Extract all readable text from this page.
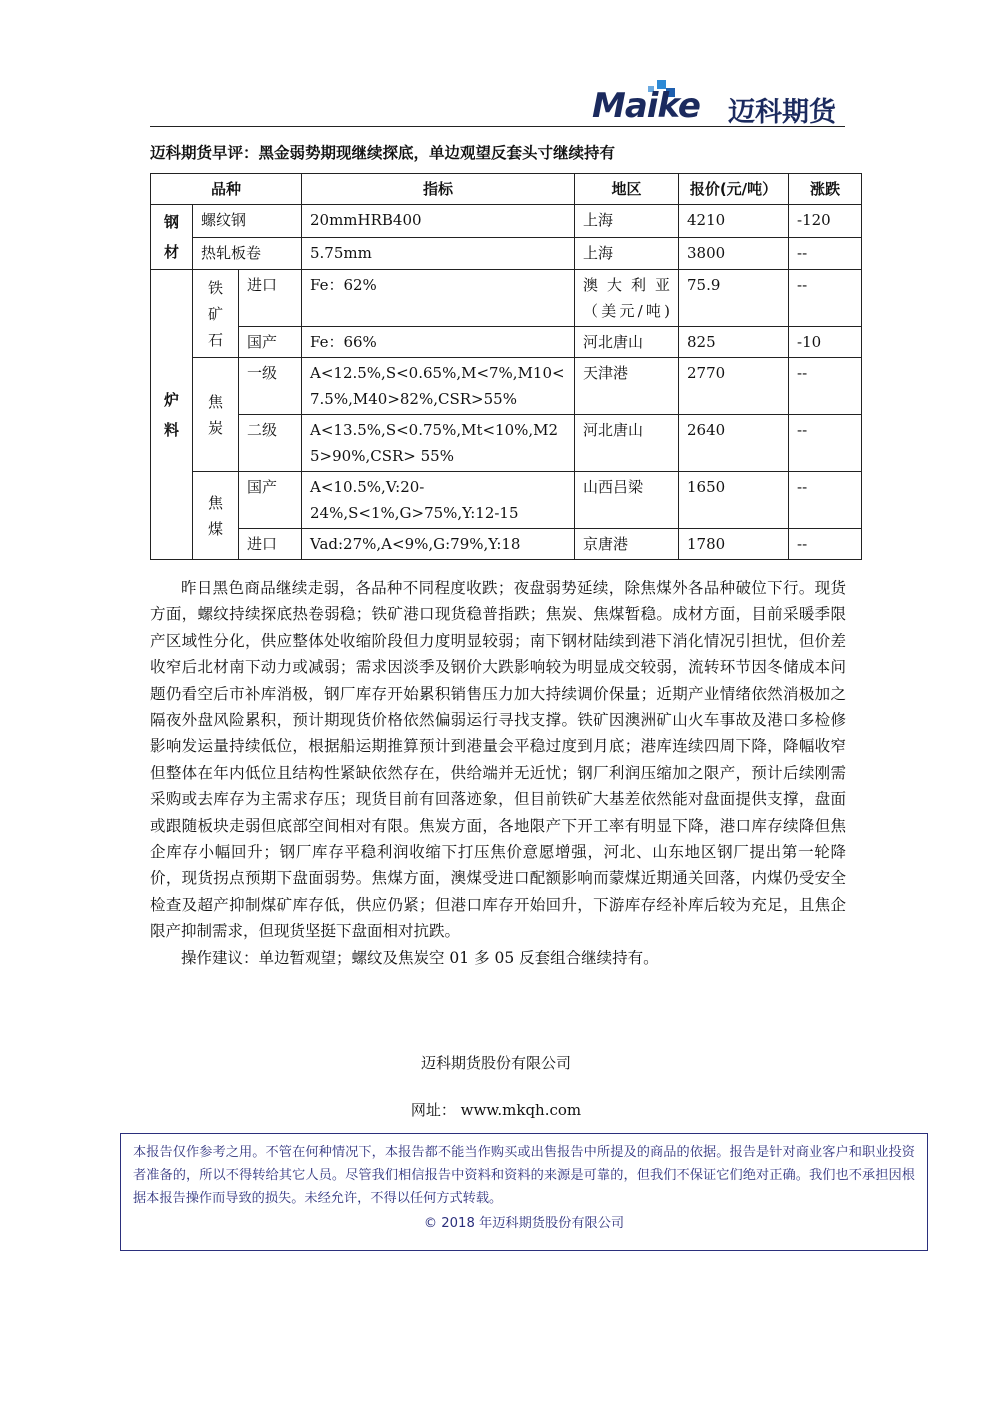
Maike 迈科期货
迈科期货早评：黑金弱势期现继续探底，单边观望反套头寸继续持有
品种			指标	地区	报价(元/吨）	涨跌

钢材	螺纹钢		20mmHRB400	上海	4210	-120
	热轧板卷		5.75mm	上海	3800	--

炉料	铁矿石	进口	Fe：62%	澳大利亚（美元/吨)	75.9	--
		国产	Fe：66%	河北唐山	825	-10

	焦炭	一级	A<12.5%,S<0.65%,M<7%,M10<7.5%,M40>82%,CSR>55%	天津港	2770	--
		二级	A<13.5%,S<0.75%,Mt<10%,M25>90%,CSR> 55%	河北唐山	2640	--

	焦煤	国产	A<10.5%,V:20-24%,S<1%,G>75%,Y:12-15	山西吕梁	1650	--
		进口	Vad:27%,A<9%,G:79%,Y:18	京唐港	1780	--

昨日黑色商品继续走弱，各品种不同程度收跌；夜盘弱势延续，除焦煤外各品种破位下行。现货方面，螺纹持续探底热卷弱稳；铁矿港口现货稳普指跌；焦炭、焦煤暂稳。成材方面，目前采暖季限产区域性分化，供应整体处收缩阶段但力度明显较弱；南下钢材陆续到港下消化情况引担忧，但价差收窄后北材南下动力或减弱；需求因淡季及钢价大跌影响较为明显成交较弱，流转环节因冬储成本问题仍看空后市补库消极，钢厂库存开始累积销售压力加大持续调价保量；近期产业情绪依然消极加之隔夜外盘风险累积，预计期现货价格依然偏弱运行寻找支撑。铁矿因澳洲矿山火车事故及港口多检修影响发运量持续低位，根据船运期推算预计到港量会平稳过度到月底；港库连续四周下降，降幅收窄但整体在年内低位且结构性紧缺依然存在，供给端并无近忧；钢厂利润压缩加之限产，预计后续刚需采购或去库存为主需求存压；现货目前有回落迹象，但目前铁矿大基差依然能对盘面提供支撑，盘面或跟随板块走弱但底部空间相对有限。焦炭方面，各地限产下开工率有明显下降，港口库存续降但焦企库存小幅回升；钢厂库存平稳利润收缩下打压焦价意愿增强，河北、山东地区钢厂提出第一轮降价，现货拐点预期下盘面弱势。焦煤方面，澳煤受进口配额影响而蒙煤近期通关回落，内煤仍受安全检查及超产抑制煤矿库存低，供应仍紧；但港口库存开始回升，下游库存经补库后较为充足，且焦企限产抑制需求，但现货坚挺下盘面相对抗跌。

操作建议：单边暂观望；螺纹及焦炭空 01 多 05 反套组合继续持有。

迈科期货股份有限公司
网址： www.mkqh.com
本报告仅作参考之用。不管在何种情况下，本报告都不能当作购买或出售报告中所提及的商品的依据。报告是针对商业客户和职业投资者准备的，所以不得转给其它人员。尽管我们相信报告中资料和资料的来源是可靠的，但我们不保证它们绝对正确。我们也不承担因根据本报告操作而导致的损失。未经允许，不得以任何方式转载。
© 2018 年迈科期货股份有限公司
